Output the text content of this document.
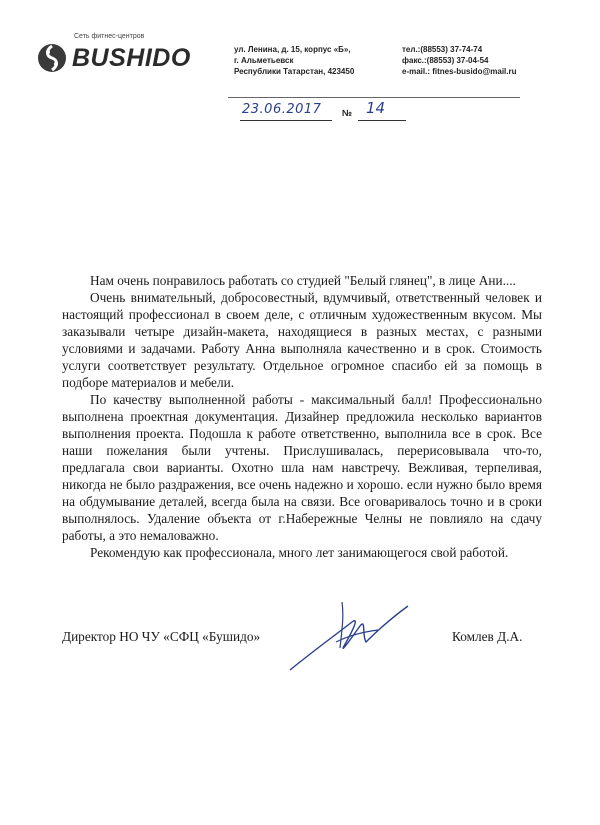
Сеть фитнес-центров
BUSHIDO	ул. Ленина, д. 15, корпус «Б»,
г. Альметьевск
Республики Татарстан, 423450
тел.:(88553) 37-74-74
факс.:(88553) 37-04-54
e-mail.: fitnes-busido@mail.ru
23.06.2017 № 14

Нам очень понравилось работать со студией "Белый глянец", в лице Ани....

Очень внимательный, добросовестный, вдумчивый, ответственный человек и настоящий профессионал в своем деле, с отличным художественным вкусом. Мы заказывали четыре дизайн-макета, находящиеся в разных местах, с разными условиями и задачами. Работу Анна выполняла качественно и в срок. Стоимость услуги соответствует результату. Отдельное огромное спасибо ей за помощь в подборе материалов и мебели.

По качеству выполненной работы - максимальный балл! Профессионально выполнена проектная документация. Дизайнер предложила несколько вариантов выполнения проекта. Подошла к работе ответственно, выполнила все в срок. Все наши пожелания были учтены. Прислушивалась, перерисовывала что-то, предлагала свои варианты. Охотно шла нам навстречу. Вежливая, терпеливая, никогда не было раздражения, все очень надежно и хорошо. если нужно было время на обдумывание деталей, всегда была на связи. Все оговаривалось точно и в сроки выполнялось. Удаление объекта от г.Набережные Челны не повлияло на сдачу работы, а это немаловажно.

Рекомендую как профессионала, много лет занимающегося свой работой.

Директор НО ЧУ «СФЦ «Бушидо»	Комлев Д.А.
